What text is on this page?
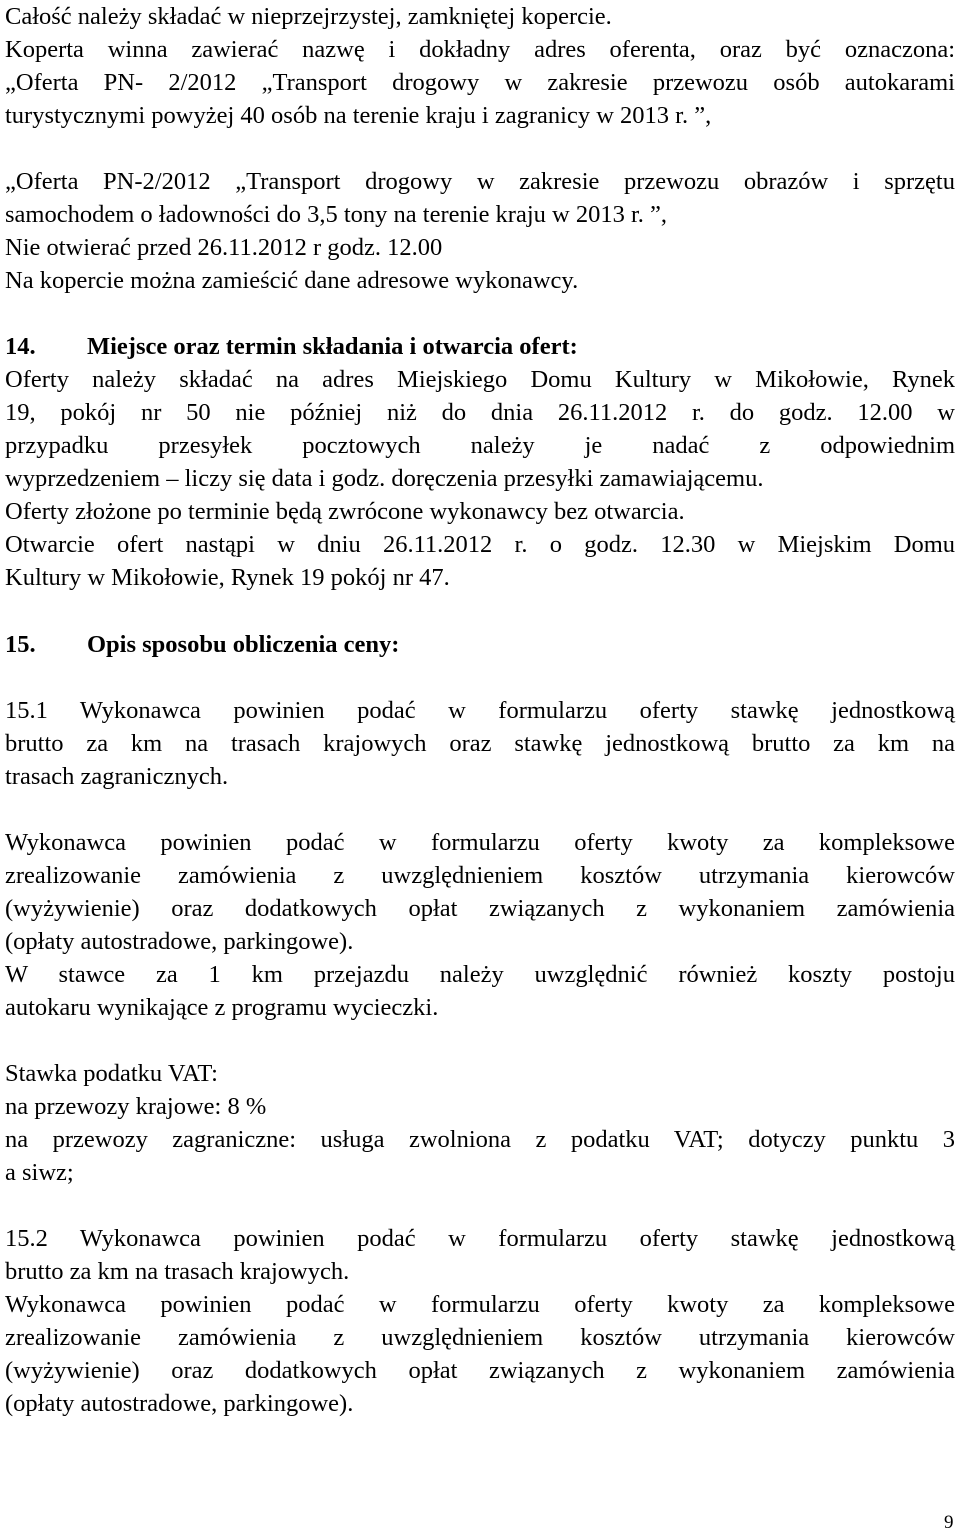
Całość należy składać w nieprzejrzystej, zamkniętej kopercie.
Koperta winna zawierać nazwę i dokładny adres oferenta, oraz być oznaczona:
„Oferta PN- 2/2012 „Transport drogowy w zakresie przewozu osób autokarami
turystycznymi powyżej 40 osób na terenie kraju i zagranicy w 2013 r. ”,
„Oferta PN-2/2012 „Transport drogowy w zakresie przewozu obrazów i sprzętu
samochodem o ładowności do 3,5 tony na terenie kraju w 2013 r. ”,
Nie otwierać przed 26.11.2012 r godz. 12.00
Na kopercie można zamieścić dane adresowe wykonawcy.
14. Miejsce oraz termin składania i otwarcia ofert:
Oferty należy składać na adres Miejskiego Domu Kultury w Mikołowie, Rynek
19, pokój nr 50 nie później niż do dnia 26.11.2012 r. do godz. 12.00 w
przypadku przesyłek pocztowych należy je nadać z odpowiednim
wyprzedzeniem – liczy się data i godz. doręczenia przesyłki zamawiającemu.
Oferty złożone po terminie będą zwrócone wykonawcy bez otwarcia.
Otwarcie ofert nastąpi w dniu 26.11.2012 r. o godz. 12.30 w Miejskim Domu
Kultury w Mikołowie, Rynek 19 pokój nr 47.
15. Opis sposobu obliczenia ceny:
15.1 Wykonawca powinien podać w formularzu oferty stawkę jednostkową
brutto za km na trasach krajowych oraz stawkę jednostkową brutto za km na
trasach zagranicznych.
Wykonawca powinien podać w formularzu oferty kwoty za kompleksowe
zrealizowanie zamówienia z uwzględnieniem kosztów utrzymania kierowców
(wyżywienie) oraz dodatkowych opłat związanych z wykonaniem zamówienia
(opłaty autostradowe, parkingowe).
W stawce za 1 km przejazdu należy uwzględnić również koszty postoju
autokaru wynikające z programu wycieczki.
Stawka podatku VAT:
na przewozy krajowe: 8 %
na przewozy zagraniczne: usługa zwolniona z podatku VAT; dotyczy punktu 3
a siwz;
15.2 Wykonawca powinien podać w formularzu oferty stawkę jednostkową
brutto za km na trasach krajowych.
Wykonawca powinien podać w formularzu oferty kwoty za kompleksowe
zrealizowanie zamówienia z uwzględnieniem kosztów utrzymania kierowców
(wyżywienie) oraz dodatkowych opłat związanych z wykonaniem zamówienia
(opłaty autostradowe, parkingowe).
9
